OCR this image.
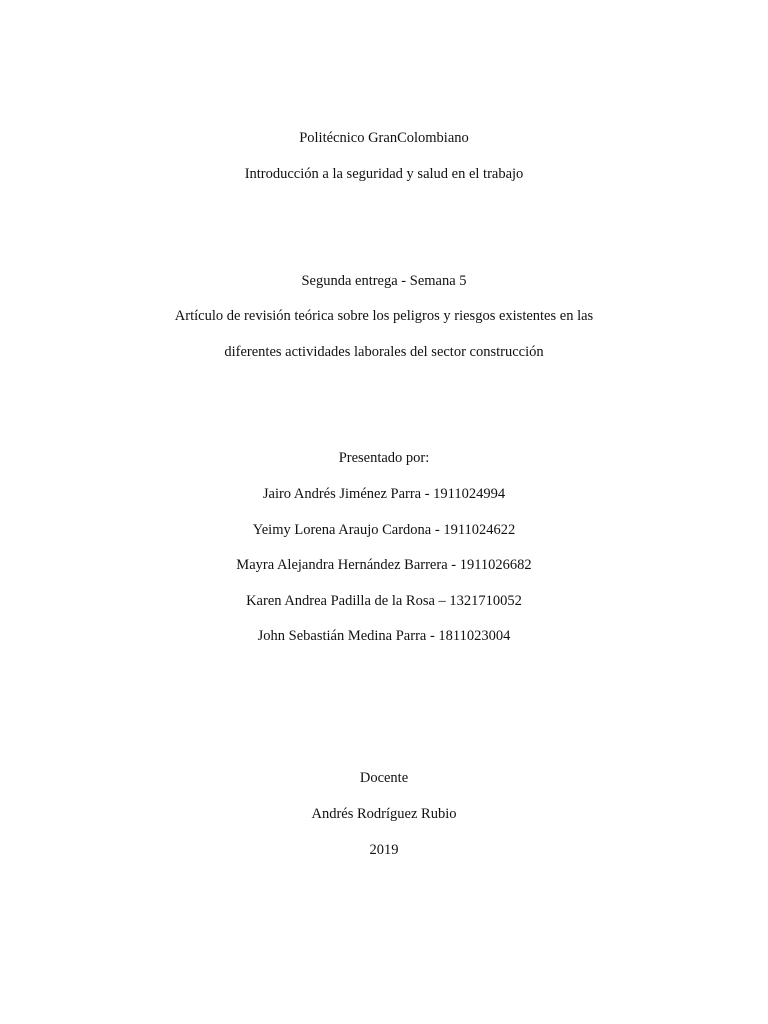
Politécnico GranColombiano
Introducción a la seguridad y salud en el trabajo
Segunda entrega - Semana 5
Artículo de revisión teórica sobre los peligros y riesgos existentes en las
diferentes actividades laborales del sector construcción
Presentado por:
Jairo Andrés Jiménez Parra - 1911024994
Yeimy Lorena Araujo Cardona - 1911024622
Mayra Alejandra Hernández Barrera - 1911026682
Karen Andrea Padilla de la Rosa – 1321710052
John Sebastián Medina Parra - 1811023004
Docente
Andrés Rodríguez Rubio
2019
